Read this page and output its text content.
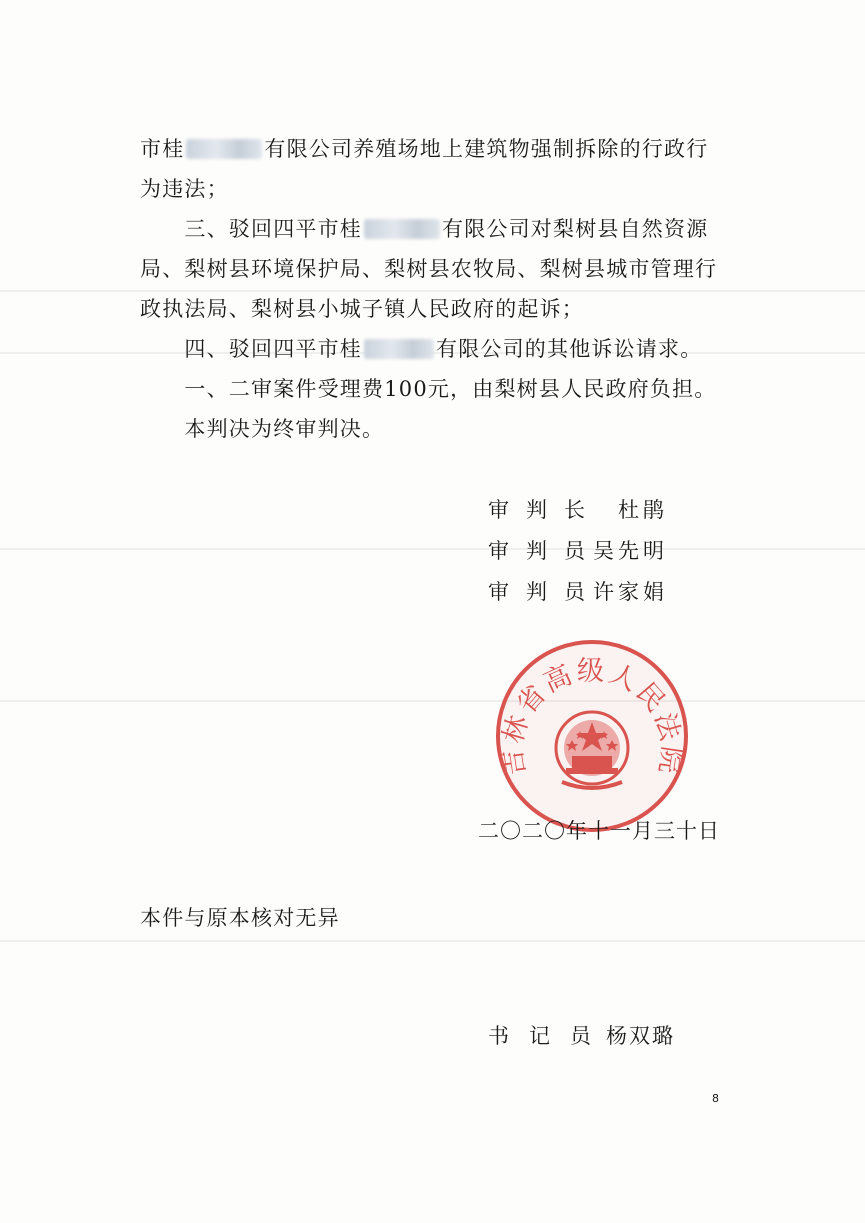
市桂	有限公司养殖场地上建筑物强制拆除的行政行
为违法；
　　三、驳回四平市桂	有限公司对梨树县自然资源
局、梨树县环境保护局、梨树县农牧局、梨树县城市管理行
政执法局、梨树县小城子镇人民政府的起诉；
　　四、驳回四平市桂	有限公司的其他诉讼请求。
　　一、二审案件受理费100元，由梨树县人民政府负担。
　　本判决为终审判决。
审判长 杜鹃
审判员吴先明
审判员许家娟
吉林省高级人民法院
二〇二〇年十一月三十日
本件与原本核对无异
书记员杨双璐
8
